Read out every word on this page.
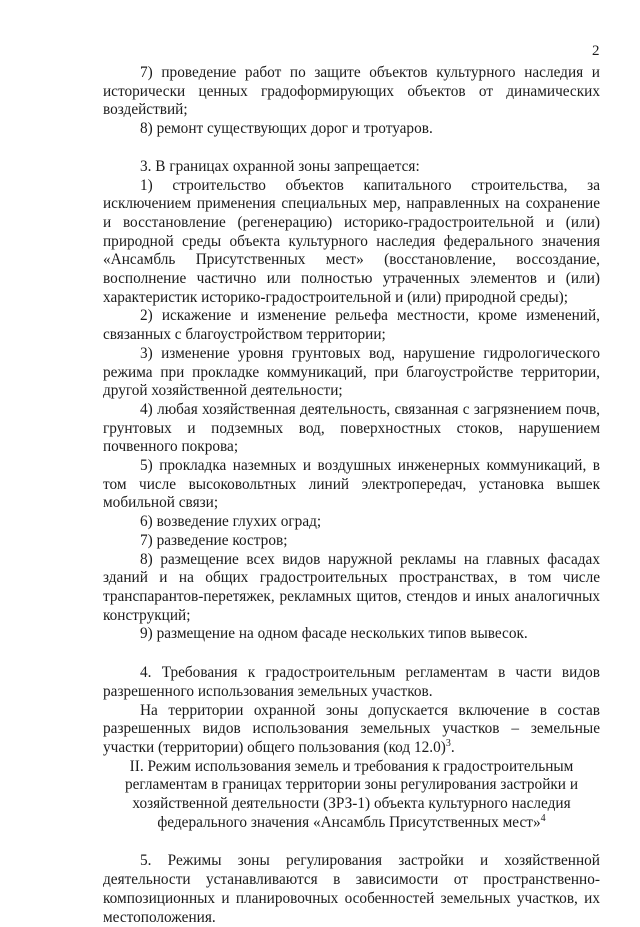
2

7) проведение работ по защите объектов культурного наследия и исторически ценных градоформирующих объектов от динамических воздействий;

8) ремонт существующих дорог и тротуаров.

3. В границах охранной зоны запрещается:

1) строительство объектов капитального строительства, за исключением применения специальных мер, направленных на сохранение и восстановление (регенерацию) историко-градостроительной и (или) природной среды объекта культурного наследия федерального значения «Ансамбль Присутственных мест» (восстановление, воссоздание, восполнение частично или полностью утраченных элементов и (или) характеристик историко-градостроительной и (или) природной среды);

2) искажение и изменение рельефа местности, кроме изменений, связанных с благоустройством территории;

3) изменение уровня грунтовых вод, нарушение гидрологического режима при прокладке коммуникаций, при благоустройстве территории, другой хозяйственной деятельности;

4) любая хозяйственная деятельность, связанная с загрязнением почв, грунтовых и подземных вод, поверхностных стоков, нарушением почвенного покрова;

5) прокладка наземных и воздушных инженерных коммуникаций, в том числе высоковольтных линий электропередач, установка вышек мобильной связи;

6) возведение глухих оград;

7) разведение костров;

8) размещение всех видов наружной рекламы на главных фасадах зданий и на общих градостроительных пространствах, в том числе транспарантов-перетяжек, рекламных щитов, стендов и иных аналогичных конструкций;

9) размещение на одном фасаде нескольких типов вывесок.

4. Требования к градостроительным регламентам в части видов разрешенного использования земельных участков.

На территории охранной зоны допускается включение в состав разрешенных видов использования земельных участков – земельные участки (территории) общего пользования (код 12.0)$^3$.

II. Режим использования земель и требования к градостроительным регламентам в границах территории зоны регулирования застройки и хозяйственной деятельности (ЗРЗ-1) объекта культурного наследия федерального значения «Ансамбль Присутственных мест»$^4$

5. Режимы зоны регулирования застройки и хозяйственной деятельности устанавливаются в зависимости от пространственно-композиционных и планировочных особенностей земельных участков, их местоположения.
